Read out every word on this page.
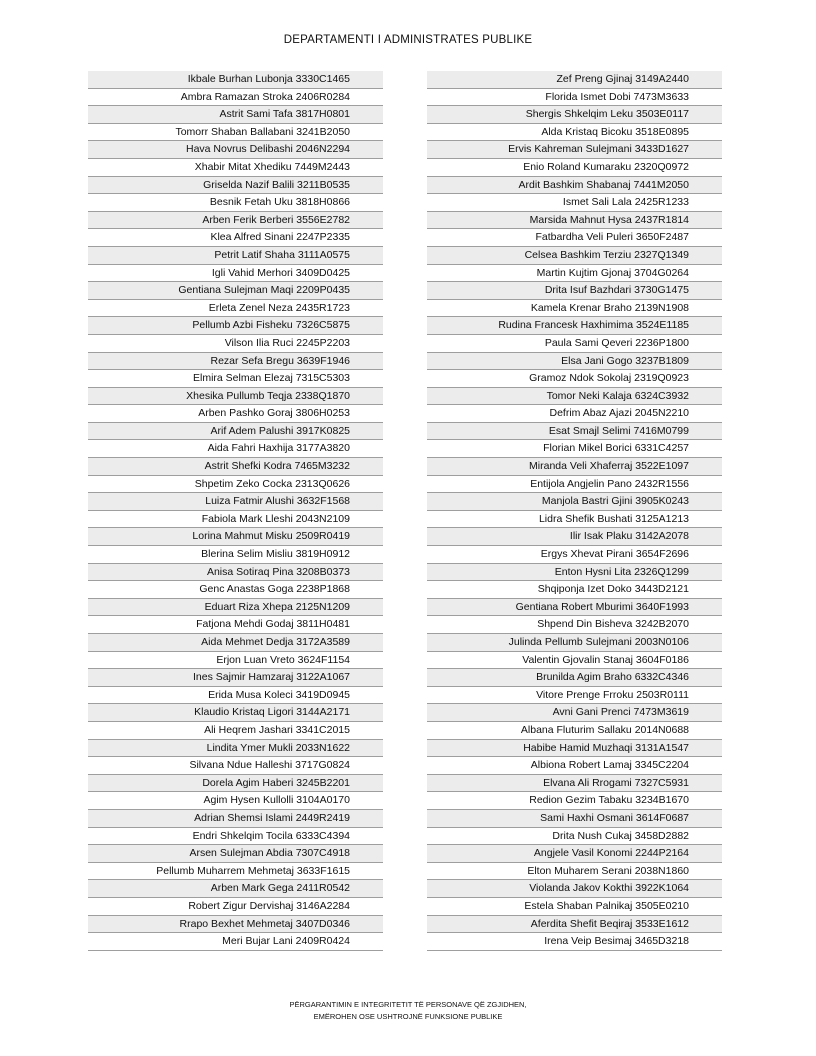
DEPARTAMENTI I ADMINISTRATES PUBLIKE
Ikbale Burhan Lubonja 3330C1465
Ambra Ramazan Stroka 2406R0284
Astrit Sami Tafa 3817H0801
Tomorr Shaban Ballabani 3241B2050
Hava Novrus Delibashi 2046N2294
Xhabir Mitat Xhediku 7449M2443
Griselda Nazif Balili 3211B0535
Besnik Fetah Uku 3818H0866
Arben Ferik Berberi 3556E2782
Klea Alfred Sinani 2247P2335
Petrit Latif Shaha 3111A0575
Igli Vahid Merhori 3409D0425
Gentiana Sulejman Maqi 2209P0435
Erleta Zenel Neza 2435R1723
Pellumb Azbi Fisheku 7326C5875
Vilson Ilia Ruci 2245P2203
Rezar Sefa Bregu 3639F1946
Elmira Selman Elezaj 7315C5303
Xhesika Pullumb Teqja 2338Q1870
Arben Pashko Goraj 3806H0253
Arif Adem Palushi 3917K0825
Aida Fahri Haxhija 3177A3820
Astrit Shefki Kodra 7465M3232
Shpetim Zeko Cocka 2313Q0626
Luiza Fatmir Alushi 3632F1568
Fabiola Mark Lleshi 2043N2109
Lorina Mahmut Misku 2509R0419
Blerina Selim Misliu 3819H0912
Anisa Sotiraq Pina 3208B0373
Genc Anastas Goga 2238P1868
Eduart Riza Xhepa 2125N1209
Fatjona Mehdi Godaj 3811H0481
Aida Mehmet Dedja 3172A3589
Erjon Luan Vreto 3624F1154
Ines Sajmir Hamzaraj 3122A1067
Erida Musa Koleci 3419D0945
Klaudio Kristaq Ligori 3144A2171
Ali Heqrem Jashari 3341C2015
Lindita Ymer Mukli 2033N1622
Silvana Ndue Halleshi 3717G0824
Dorela Agim Haberi 3245B2201
Agim Hysen Kullolli 3104A0170
Adrian Shemsi Islami 2449R2419
Endri Shkelqim Tocila 6333C4394
Arsen Sulejman Abdia 7307C4918
Pellumb Muharrem Mehmetaj 3633F1615
Arben Mark Gega 2411R0542
Robert Zigur Dervishaj 3146A2284
Rrapo Bexhet Mehmetaj 3407D0346
Meri Bujar Lani 2409R0424
Zef Preng Gjinaj 3149A2440
Florida Ismet Dobi 7473M3633
Shergis Shkelqim Leku 3503E0117
Alda Kristaq Bicoku 3518E0895
Ervis Kahreman Sulejmani 3433D1627
Enio Roland Kumaraku 2320Q0972
Ardit Bashkim Shabanaj 7441M2050
Ismet Sali Lala 2425R1233
Marsida Mahnut Hysa 2437R1814
Fatbardha Veli Puleri 3650F2487
Celsea Bashkim Terziu 2327Q1349
Martin Kujtim Gjonaj 3704G0264
Drita Isuf Bazhdari 3730G1475
Kamela Krenar Braho 2139N1908
Rudina Francesk Haxhimima 3524E1185
Paula Sami Qeveri 2236P1800
Elsa Jani Gogo 3237B1809
Gramoz Ndok Sokolaj 2319Q0923
Tomor Neki Kalaja 6324C3932
Defrim Abaz Ajazi 2045N2210
Esat Smajl Selimi 7416M0799
Florian Mikel Borici 6331C4257
Miranda Veli Xhaferraj 3522E1097
Entijola Angjelin Pano 2432R1556
Manjola Bastri Gjini 3905K0243
Lidra Shefik Bushati 3125A1213
Ilir Isak Plaku 3142A2078
Ergys Xhevat Pirani 3654F2696
Enton Hysni Lita 2326Q1299
Shqiponja Izet Doko 3443D2121
Gentiana Robert Mburimi 3640F1993
Shpend Din Bisheva 3242B2070
Julinda Pellumb Sulejmani 2003N0106
Valentin Gjovalin Stanaj 3604F0186
Brunilda Agim Braho 6332C4346
Vitore Prenge Frroku 2503R0111
Avni Gani Prenci 7473M3619
Albana Fluturim Sallaku 2014N0688
Habibe Hamid Muzhaqi 3131A1547
Albiona Robert Lamaj 3345C2204
Elvana Ali Rrogami 7327C5931
Redion Gezim Tabaku 3234B1670
Sami Haxhi Osmani 3614F0687
Drita Nush Cukaj 3458D2882
Angjele Vasil Konomi 2244P2164
Elton Muharem Serani 2038N1860
Violanda Jakov Kokthi 3922K1064
Estela Shaban Palnikaj 3505E0210
Aferdita Shefit Beqiraj 3533E1612
Irena Veip Besimaj 3465D3218
PËRGARANTIMIN E INTEGRITETIT TË PERSONAVE QË ZGJIDHEN,
EMËROHEN OSE USHTROJNË FUNKSIONE PUBLIKE
